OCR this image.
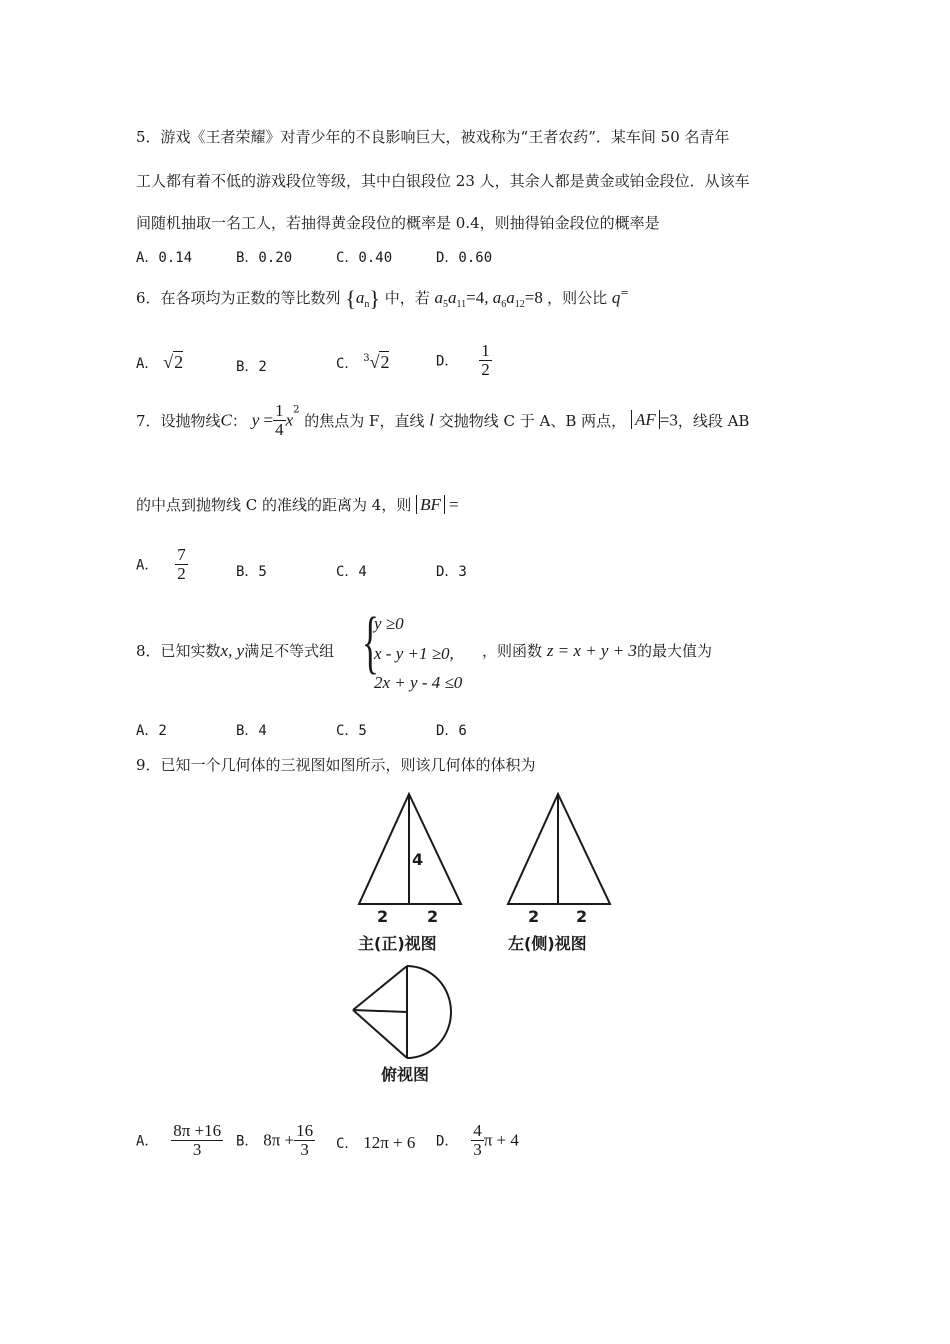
5．游戏《王者荣耀》对青少年的不良影响巨大，被戏称为“王者农药”．某车间 50 名青年
工人都有着不低的游戏段位等级，其中白银段位 23 人，其余人都是黄金或铂金段位．从该车
间随机抽取一名工人，若抽得黄金段位的概率是 0.4，则抽得铂金段位的概率是
A．0.14	B．0.20	C．0.40	D．0.60
6．在各项均为正数的等比数列 $\{a_n\}$ 中，若 $a_5a_{11}=4$, $a_6a_{12}=8$ ，则公比 q=
A． √2	B．2	C． $^3$√2	D． $\frac{1}{2}$
7．设抛物线C： $y = \frac{1}{4} x^2$ 的焦点为 F，直线 l 交抛物线 C 于 A、B 两点， AF =3，线段 AB
的中点到抛物线 C 的准线的距离为 4，则 BF =
A． $\frac{7}{2}$	B．5	C．4	D．3
8．已知实数x, y满足不等式组 {
y ≥0
x - y +1 ≥0,
2x + y - 4 ≤0
，则函数 z = x + y + 3的最大值为
A．2	B．4	C．5	D．6
9．已知一个几何体的三视图如图所示，则该几何体的体积为
4
2 2
主(正)视图
2 2
左(侧)视图
俯视图
A． $\frac{8\pi +16}{3}$ B． $8\pi + \frac{16}{3}$ C． 12π + 6 D． $\frac{4}{3}$ π + 4
